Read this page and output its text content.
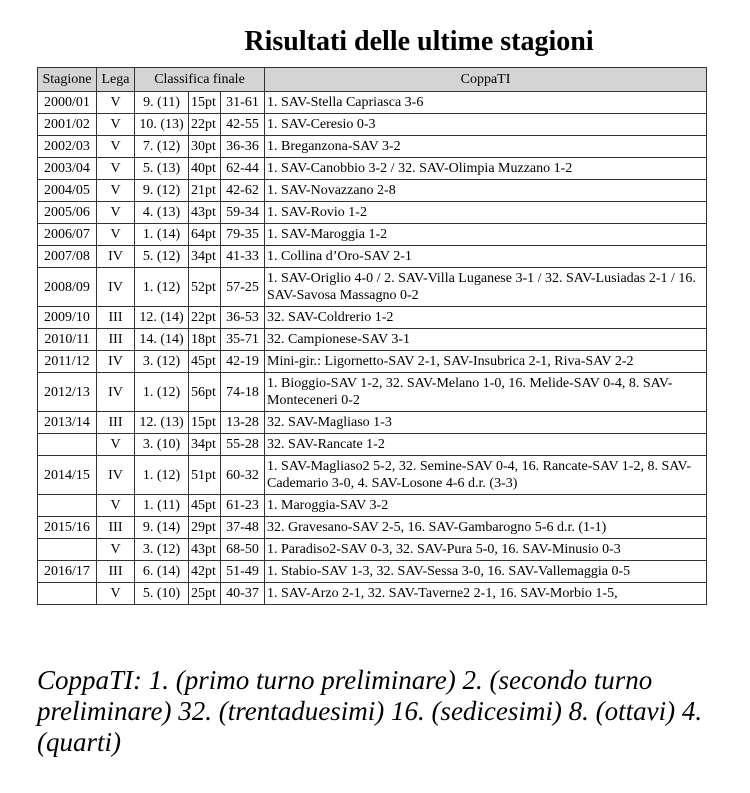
Risultati delle ultime stagioni
Stagione	Lega	Classifica finale			CoppaTI
2000/01	V	9. (11)	15pt	31-61	1. SAV-Stella Capriasca 3-6
2001/02	V	10. (13)	22pt	42-55	1. SAV-Ceresio 0-3
2002/03	V	7. (12)	30pt	36-36	1. Breganzona-SAV 3-2
2003/04	V	5. (13)	40pt	62-44	1. SAV-Canobbio 3-2 / 32. SAV-Olimpia Muzzano 1-2
2004/05	V	9. (12)	21pt	42-62	1. SAV-Novazzano 2-8
2005/06	V	4. (13)	43pt	59-34	1. SAV-Rovio 1-2
2006/07	V	1. (14)	64pt	79-35	1. SAV-Maroggia 1-2
2007/08	IV	5. (12)	34pt	41-33	1. Collina d’Oro-SAV 2-1
2008/09	IV	1. (12)	52pt	57-25	1. SAV-Origlio 4-0 / 2. SAV-Villa Luganese 3-1 / 32. SAV-Lusiadas 2-1 / 16. SAV-Savosa Massagno 0-2
2009/10	III	12. (14)	22pt	36-53	32. SAV-Coldrerio 1-2
2010/11	III	14. (14)	18pt	35-71	32. Campionese-SAV 3-1
2011/12	IV	3. (12)	45pt	42-19	Mini-gir.: Ligornetto-SAV 2-1, SAV-Insubrica 2-1, Riva-SAV 2-2
2012/13	IV	1. (12)	56pt	74-18	1. Bioggio-SAV 1-2, 32. SAV-Melano 1-0, 16. Melide-SAV 0-4, 8. SAV-Monteceneri 0-2
2013/14	III	12. (13)	15pt	13-28	32. SAV-Magliaso 1-3
	V	3. (10)	34pt	55-28	32. SAV-Rancate 1-2
2014/15	IV	1. (12)	51pt	60-32	1. SAV-Magliaso2 5-2, 32. Semine-SAV 0-4, 16. Rancate-SAV 1-2, 8. SAV-Cademario 3-0, 4. SAV-Losone 4-6 d.r. (3-3)
	V	1. (11)	45pt	61-23	1. Maroggia-SAV 3-2
2015/16	III	9. (14)	29pt	37-48	32. Gravesano-SAV 2-5, 16. SAV-Gambarogno 5-6 d.r. (1-1)
	V	3. (12)	43pt	68-50	1. Paradiso2-SAV 0-3, 32. SAV-Pura 5-0, 16. SAV-Minusio 0-3
2016/17	III	6. (14)	42pt	51-49	1. Stabio-SAV 1-3, 32. SAV-Sessa 3-0, 16. SAV-Vallemaggia 0-5
	V	5. (10)	25pt	40-37	1. SAV-Arzo 2-1, 32. SAV-Taverne2 2-1, 16. SAV-Morbio 1-5,
CoppaTI: 1. (primo turno preliminare) 2. (secondo turno preliminare) 32. (trentaduesimi) 16. (sedicesimi) 8. (ottavi) 4. (quarti)
